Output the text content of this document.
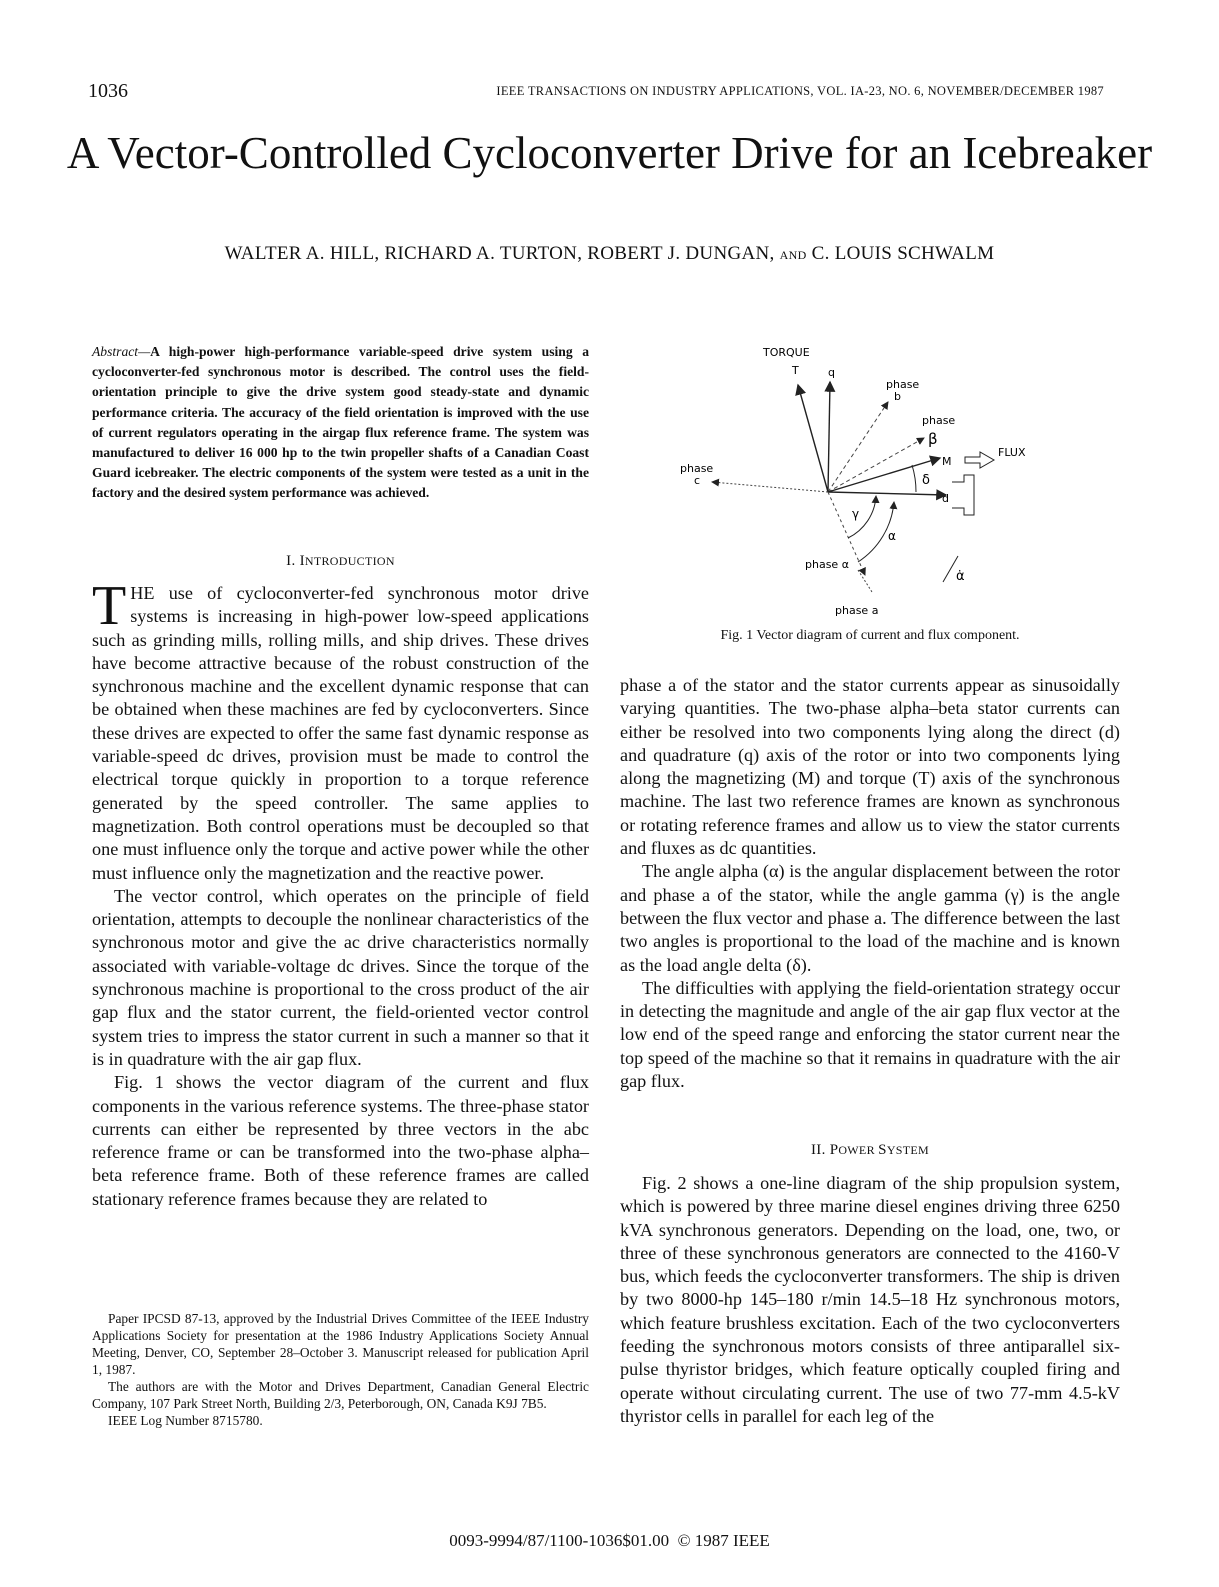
1036	IEEE TRANSACTIONS ON INDUSTRY APPLICATIONS, VOL. IA-23, NO. 6, NOVEMBER/DECEMBER 1987
A Vector-Controlled Cycloconverter Drive for an Icebreaker
WALTER A. HILL, RICHARD A. TURTON, ROBERT J. DUNGAN, AND C. LOUIS SCHWALM
Abstract—A high-power high-performance variable-speed drive system using a cycloconverter-fed synchronous motor is described. The control uses the field-orientation principle to give the drive system good steady-state and dynamic performance criteria. The accuracy of the field orientation is improved with the use of current regulators operating in the airgap flux reference frame. The system was manufactured to deliver 16 000 hp to the twin propeller shafts of a Canadian Coast Guard icebreaker. The electric components of the system were tested as a unit in the factory and the desired system performance was achieved.
I. INTRODUCTION

THE use of cycloconverter-fed synchronous motor drive systems is increasing in high-power low-speed applications such as grinding mills, rolling mills, and ship drives. These drives have become attractive because of the robust construction of the synchronous machine and the excellent dynamic response that can be obtained when these machines are fed by cycloconverters. Since these drives are expected to offer the same fast dynamic response as variable-speed dc drives, provision must be made to control the electrical torque quickly in proportion to a torque reference generated by the speed controller. The same applies to magnetization. Both control operations must be decoupled so that one must influence only the torque and active power while the other must influence only the magnetization and the reactive power.

The vector control, which operates on the principle of field orientation, attempts to decouple the nonlinear characteristics of the synchronous motor and give the ac drive characteristics normally associated with variable-voltage dc drives. Since the torque of the synchronous machine is proportional to the cross product of the air gap flux and the stator current, the field-oriented vector control system tries to impress the stator current in such a manner so that it is in quadrature with the air gap flux.

Fig. 1 shows the vector diagram of the current and flux components in the various reference systems. The three-phase stator currents can either be represented by three vectors in the abc reference frame or can be transformed into the two-phase alpha–beta reference frame. Both of these reference frames are called stationary reference frames because they are related to

Paper IPCSD 87-13, approved by the Industrial Drives Committee of the IEEE Industry Applications Society for presentation at the 1986 Industry Applications Society Annual Meeting, Denver, CO, September 28–October 3. Manuscript released for publication April 1, 1987.

The authors are with the Motor and Drives Department, Canadian General Electric Company, 107 Park Street North, Building 2/3, Peterborough, ON, Canada K9J 7B5.

IEEE Log Number 8715780.

TORQUE
T	q
phase
b
phase
β
M
FLUX
phase
c
d
δ
γ
α
phase α
phase a
α̇
Fig. 1 Vector diagram of current and flux component.

phase a of the stator and the stator currents appear as sinusoidally varying quantities. The two-phase alpha–beta stator currents can either be resolved into two components lying along the direct (d) and quadrature (q) axis of the rotor or into two components lying along the magnetizing (M) and torque (T) axis of the synchronous machine. The last two reference frames are known as synchronous or rotating reference frames and allow us to view the stator currents and fluxes as dc quantities.

The angle alpha (α) is the angular displacement between the rotor and phase a of the stator, while the angle gamma (γ) is the angle between the flux vector and phase a. The difference between the last two angles is proportional to the load of the machine and is known as the load angle delta (δ).

The difficulties with applying the field-orientation strategy occur in detecting the magnitude and angle of the air gap flux vector at the low end of the speed range and enforcing the stator current near the top speed of the machine so that it remains in quadrature with the air gap flux.

II. POWER SYSTEM

Fig. 2 shows a one-line diagram of the ship propulsion system, which is powered by three marine diesel engines driving three 6250 kVA synchronous generators. Depending on the load, one, two, or three of these synchronous generators are connected to the 4160-V bus, which feeds the cycloconverter transformers. The ship is driven by two 8000-hp 145–180 r/min 14.5–18 Hz synchronous motors, which feature brushless excitation. Each of the two cycloconverters feeding the synchronous motors consists of three antiparallel six-pulse thyristor bridges, which feature optically coupled firing and operate without circulating current. The use of two 77-mm 4.5-kV thyristor cells in parallel for each leg of the

0093-9994/87/1100-1036$01.00 © 1987 IEEE
